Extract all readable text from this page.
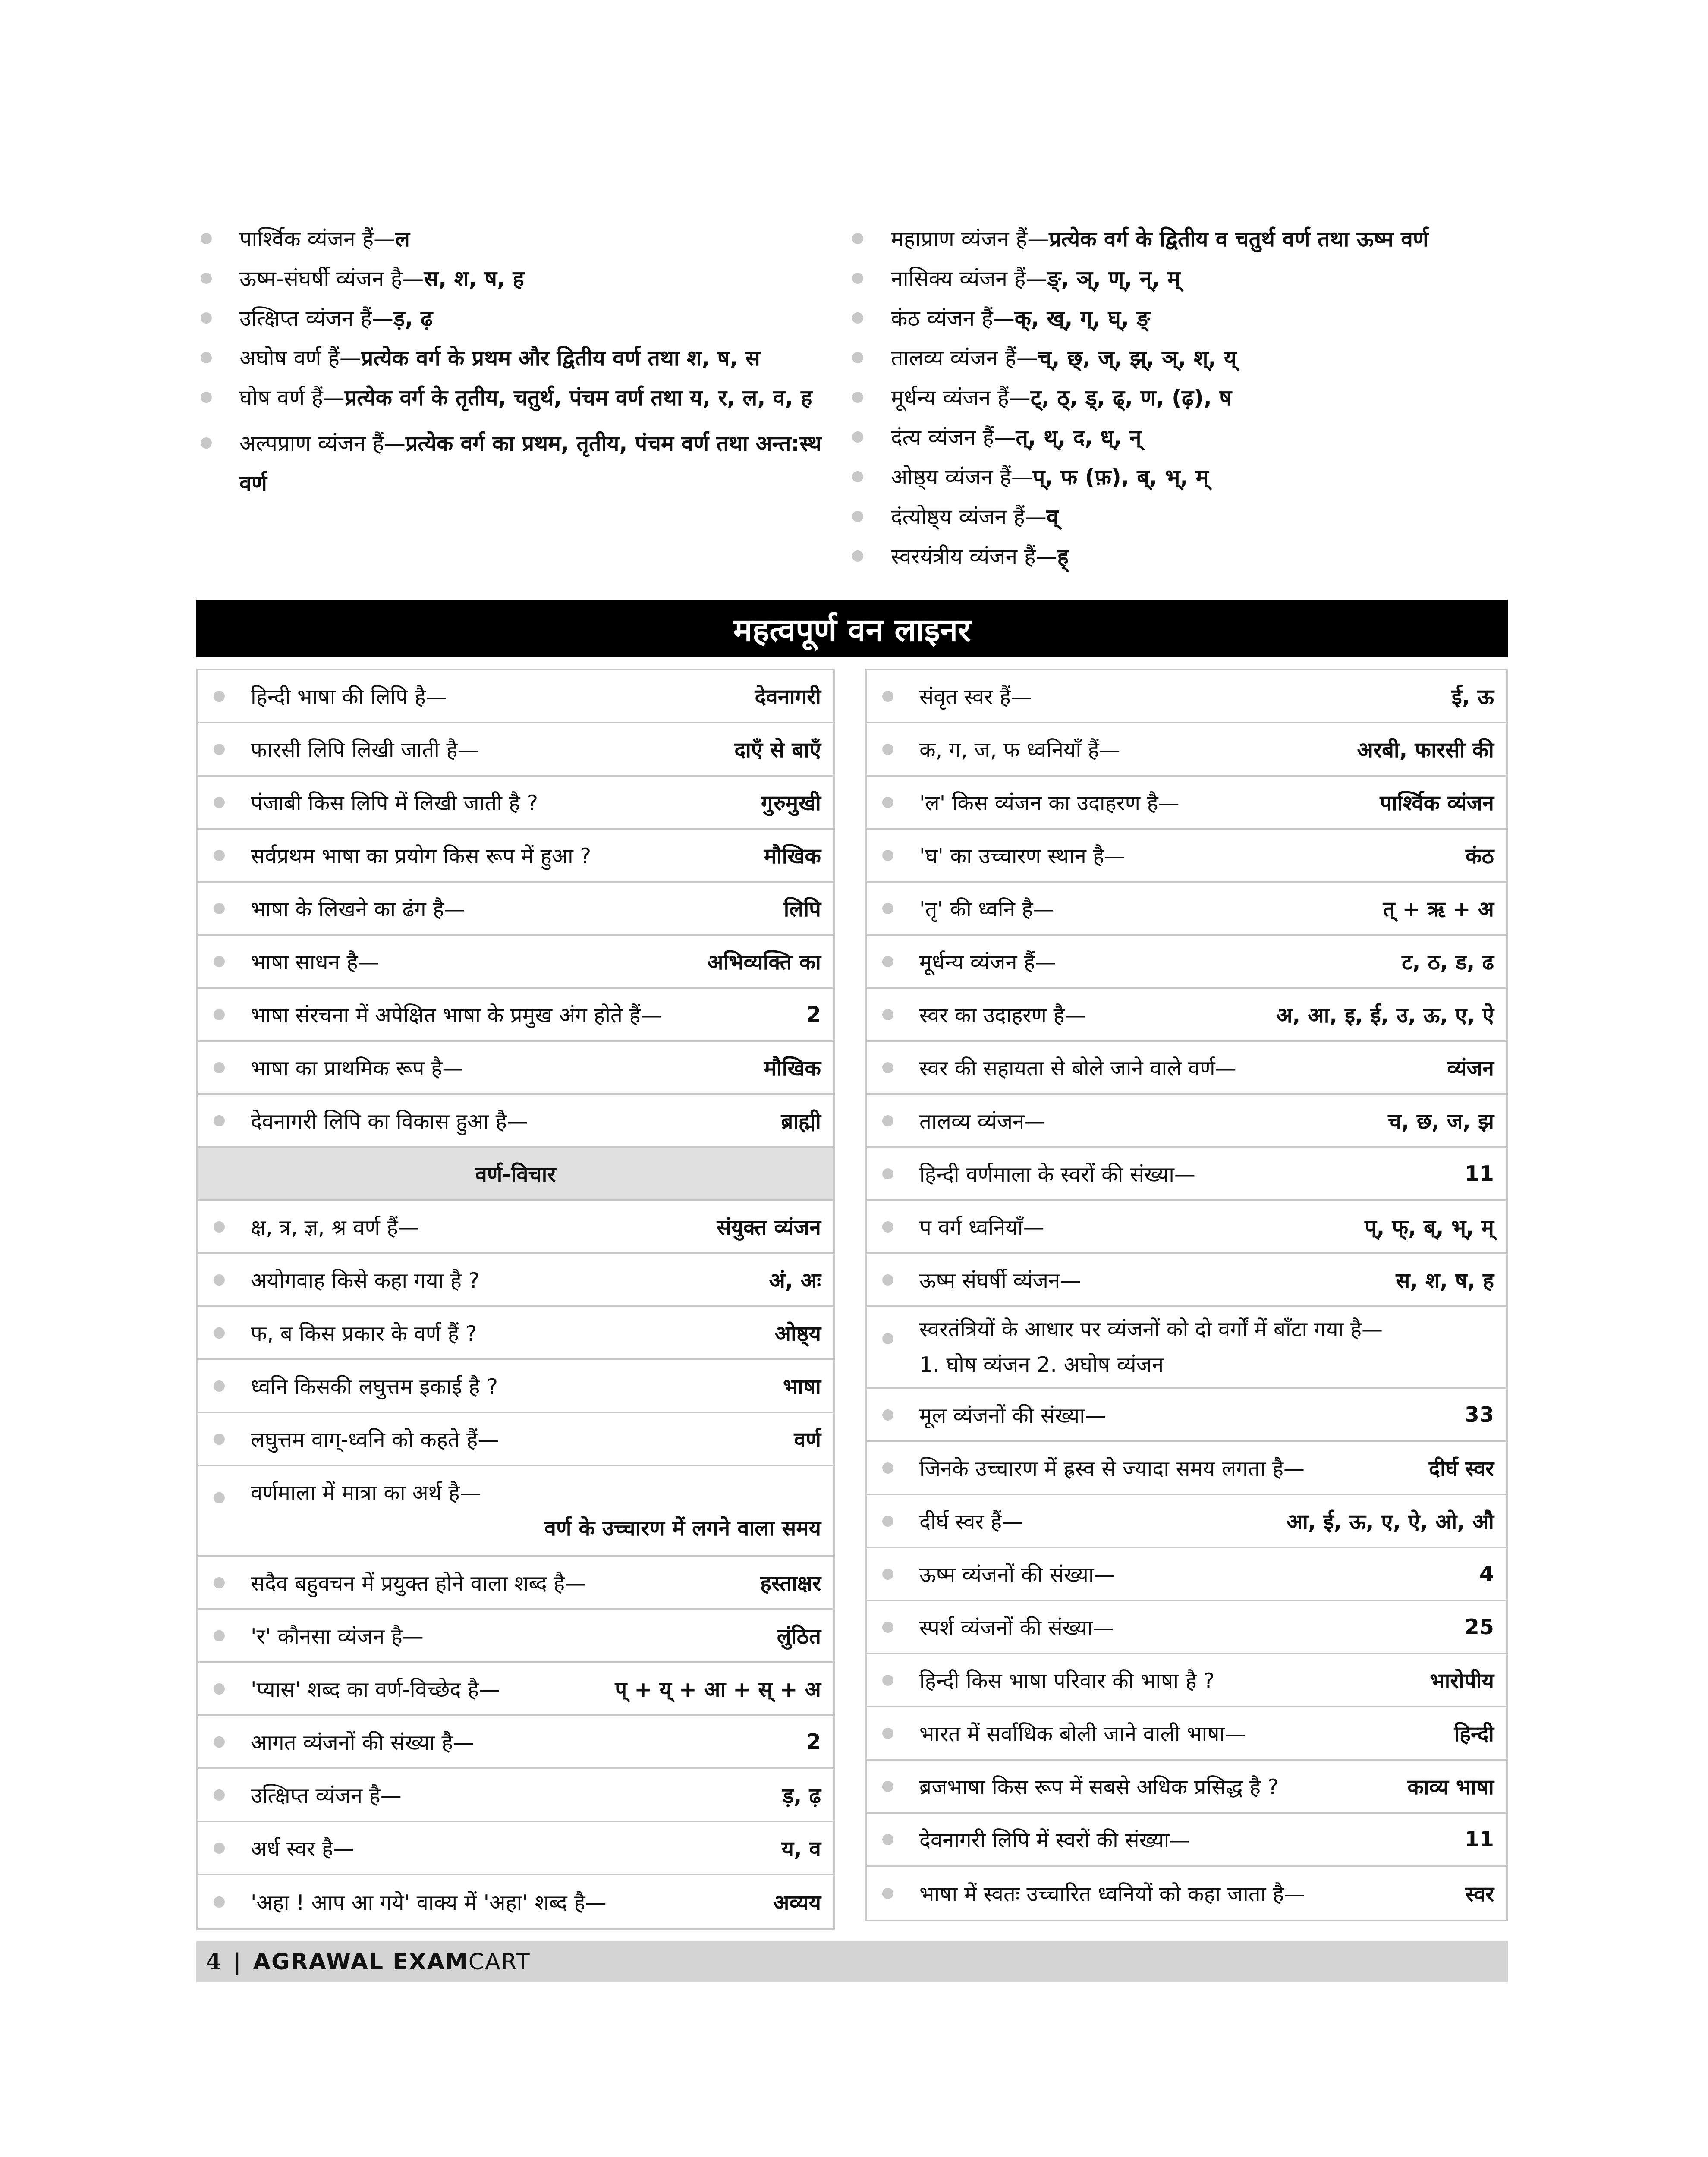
पार्श्विक व्यंजन हैं—ल
ऊष्म-संघर्षी व्यंजन है—स, श, ष, ह
उत्क्षिप्त व्यंजन हैं—ड़, ढ़
अघोष वर्ण हैं—प्रत्येक वर्ग के प्रथम और द्वितीय वर्ण तथा श, ष, स
घोष वर्ण हैं—प्रत्येक वर्ग के तृतीय, चतुर्थ, पंचम वर्ण तथा य, र, ल, व, ह
अल्पप्राण व्यंजन हैं—प्रत्येक वर्ग का प्रथम, तृतीय, पंचम वर्ण तथा अन्त:स्थ वर्ण
महाप्राण व्यंजन हैं—प्रत्येक वर्ग के द्वितीय व चतुर्थ वर्ण तथा ऊष्म वर्ण
नासिक्य व्यंजन हैं—ङ्, ञ्, ण्, न्, म्
कंठ व्यंजन हैं—क्, ख्, ग्, घ्, ङ्
तालव्य व्यंजन हैं—च्, छ्, ज्, झ्, ञ्, श्, य्
मूर्धन्य व्यंजन हैं—ट्, ठ्, ड्, ढ्, ण, (ढ़), ष
दंत्य व्यंजन हैं—त्, थ्, द, ध्, न्
ओष्ठ्य व्यंजन हैं—प्, फ (फ़), ब्, भ्, म्
दंत्योष्ठ्य व्यंजन हैं—व्
स्वरयंत्रीय व्यंजन हैं—ह्
महत्वपूर्ण वन लाइनर
हिन्दी भाषा की लिपि है—	देवनागरी
फारसी लिपि लिखी जाती है—	दाएँ से बाएँ
पंजाबी किस लिपि में लिखी जाती है ?	गुरुमुखी
सर्वप्रथम भाषा का प्रयोग किस रूप में हुआ ?	मौखिक
भाषा के लिखने का ढंग है—	लिपि
भाषा साधन है—	अभिव्यक्ति का
भाषा संरचना में अपेक्षित भाषा के प्रमुख अंग होते हैं—	2
भाषा का प्राथमिक रूप है—	मौखिक
देवनागरी लिपि का विकास हुआ है—	ब्राह्मी
वर्ण-विचार
क्ष, त्र, ज्ञ, श्र वर्ण हैं—	संयुक्त व्यंजन
अयोगवाह किसे कहा गया है ?	अं, अः
फ, ब किस प्रकार के वर्ण हैं ?	ओष्ठ्य
ध्वनि किसकी लघुत्तम इकाई है ?	भाषा
लघुत्तम वाग्-ध्वनि को कहते हैं—	वर्ण
वर्णमाला में मात्रा का अर्थ है—
वर्ण के उच्चारण में लगने वाला समय
सदैव बहुवचन में प्रयुक्त होने वाला शब्द है—	हस्ताक्षर
'र' कौनसा व्यंजन है—	लुंठित
'प्यास' शब्द का वर्ण-विच्छेद है—	प् + य् + आ + स् + अ
आगत व्यंजनों की संख्या है—	2
उत्क्षिप्त व्यंजन है—	ड़, ढ़
अर्ध स्वर है—	य, व
'अहा ! आप आ गये' वाक्य में 'अहा' शब्द है—	अव्यय
संवृत स्वर हैं—	ई, ऊ
क, ग, ज, फ ध्वनियाँ हैं—	अरबी, फारसी की
'ल' किस व्यंजन का उदाहरण है—	पार्श्विक व्यंजन
'घ' का उच्चारण स्थान है—	कंठ
'तृ' की ध्वनि है—	त् + ऋ + अ
मूर्धन्य व्यंजन हैं—	ट, ठ, ड, ढ
स्वर का उदाहरण है—	अ, आ, इ, ई, उ, ऊ, ए, ऐ
स्वर की सहायता से बोले जाने वाले वर्ण—	व्यंजन
तालव्य व्यंजन—	च, छ, ज, झ
हिन्दी वर्णमाला के स्वरों की संख्या—	11
प वर्ग ध्वनियाँ—	प्, फ्, ब्, भ्, म्
ऊष्म संघर्षी व्यंजन—	स, श, ष, ह
स्वरतंत्रियों के आधार पर व्यंजनों को दो वर्गों में बाँटा गया है—
1. घोष व्यंजन 2. अघोष व्यंजन
मूल व्यंजनों की संख्या—	33
जिनके उच्चारण में ह्रस्व से ज्यादा समय लगता है—	दीर्घ स्वर
दीर्घ स्वर हैं—	आ, ई, ऊ, ए, ऐ, ओ, औ
ऊष्म व्यंजनों की संख्या—	4
स्पर्श व्यंजनों की संख्या—	25
हिन्दी किस भाषा परिवार की भाषा है ?	भारोपीय
भारत में सर्वाधिक बोली जाने वाली भाषा—	हिन्दी
ब्रजभाषा किस रूप में सबसे अधिक प्रसिद्ध है ?	काव्य भाषा
देवनागरी लिपि में स्वरों की संख्या—	11
भाषा में स्वतः उच्चारित ध्वनियों को कहा जाता है—	स्वर
4 | AGRAWAL EXAMCART
